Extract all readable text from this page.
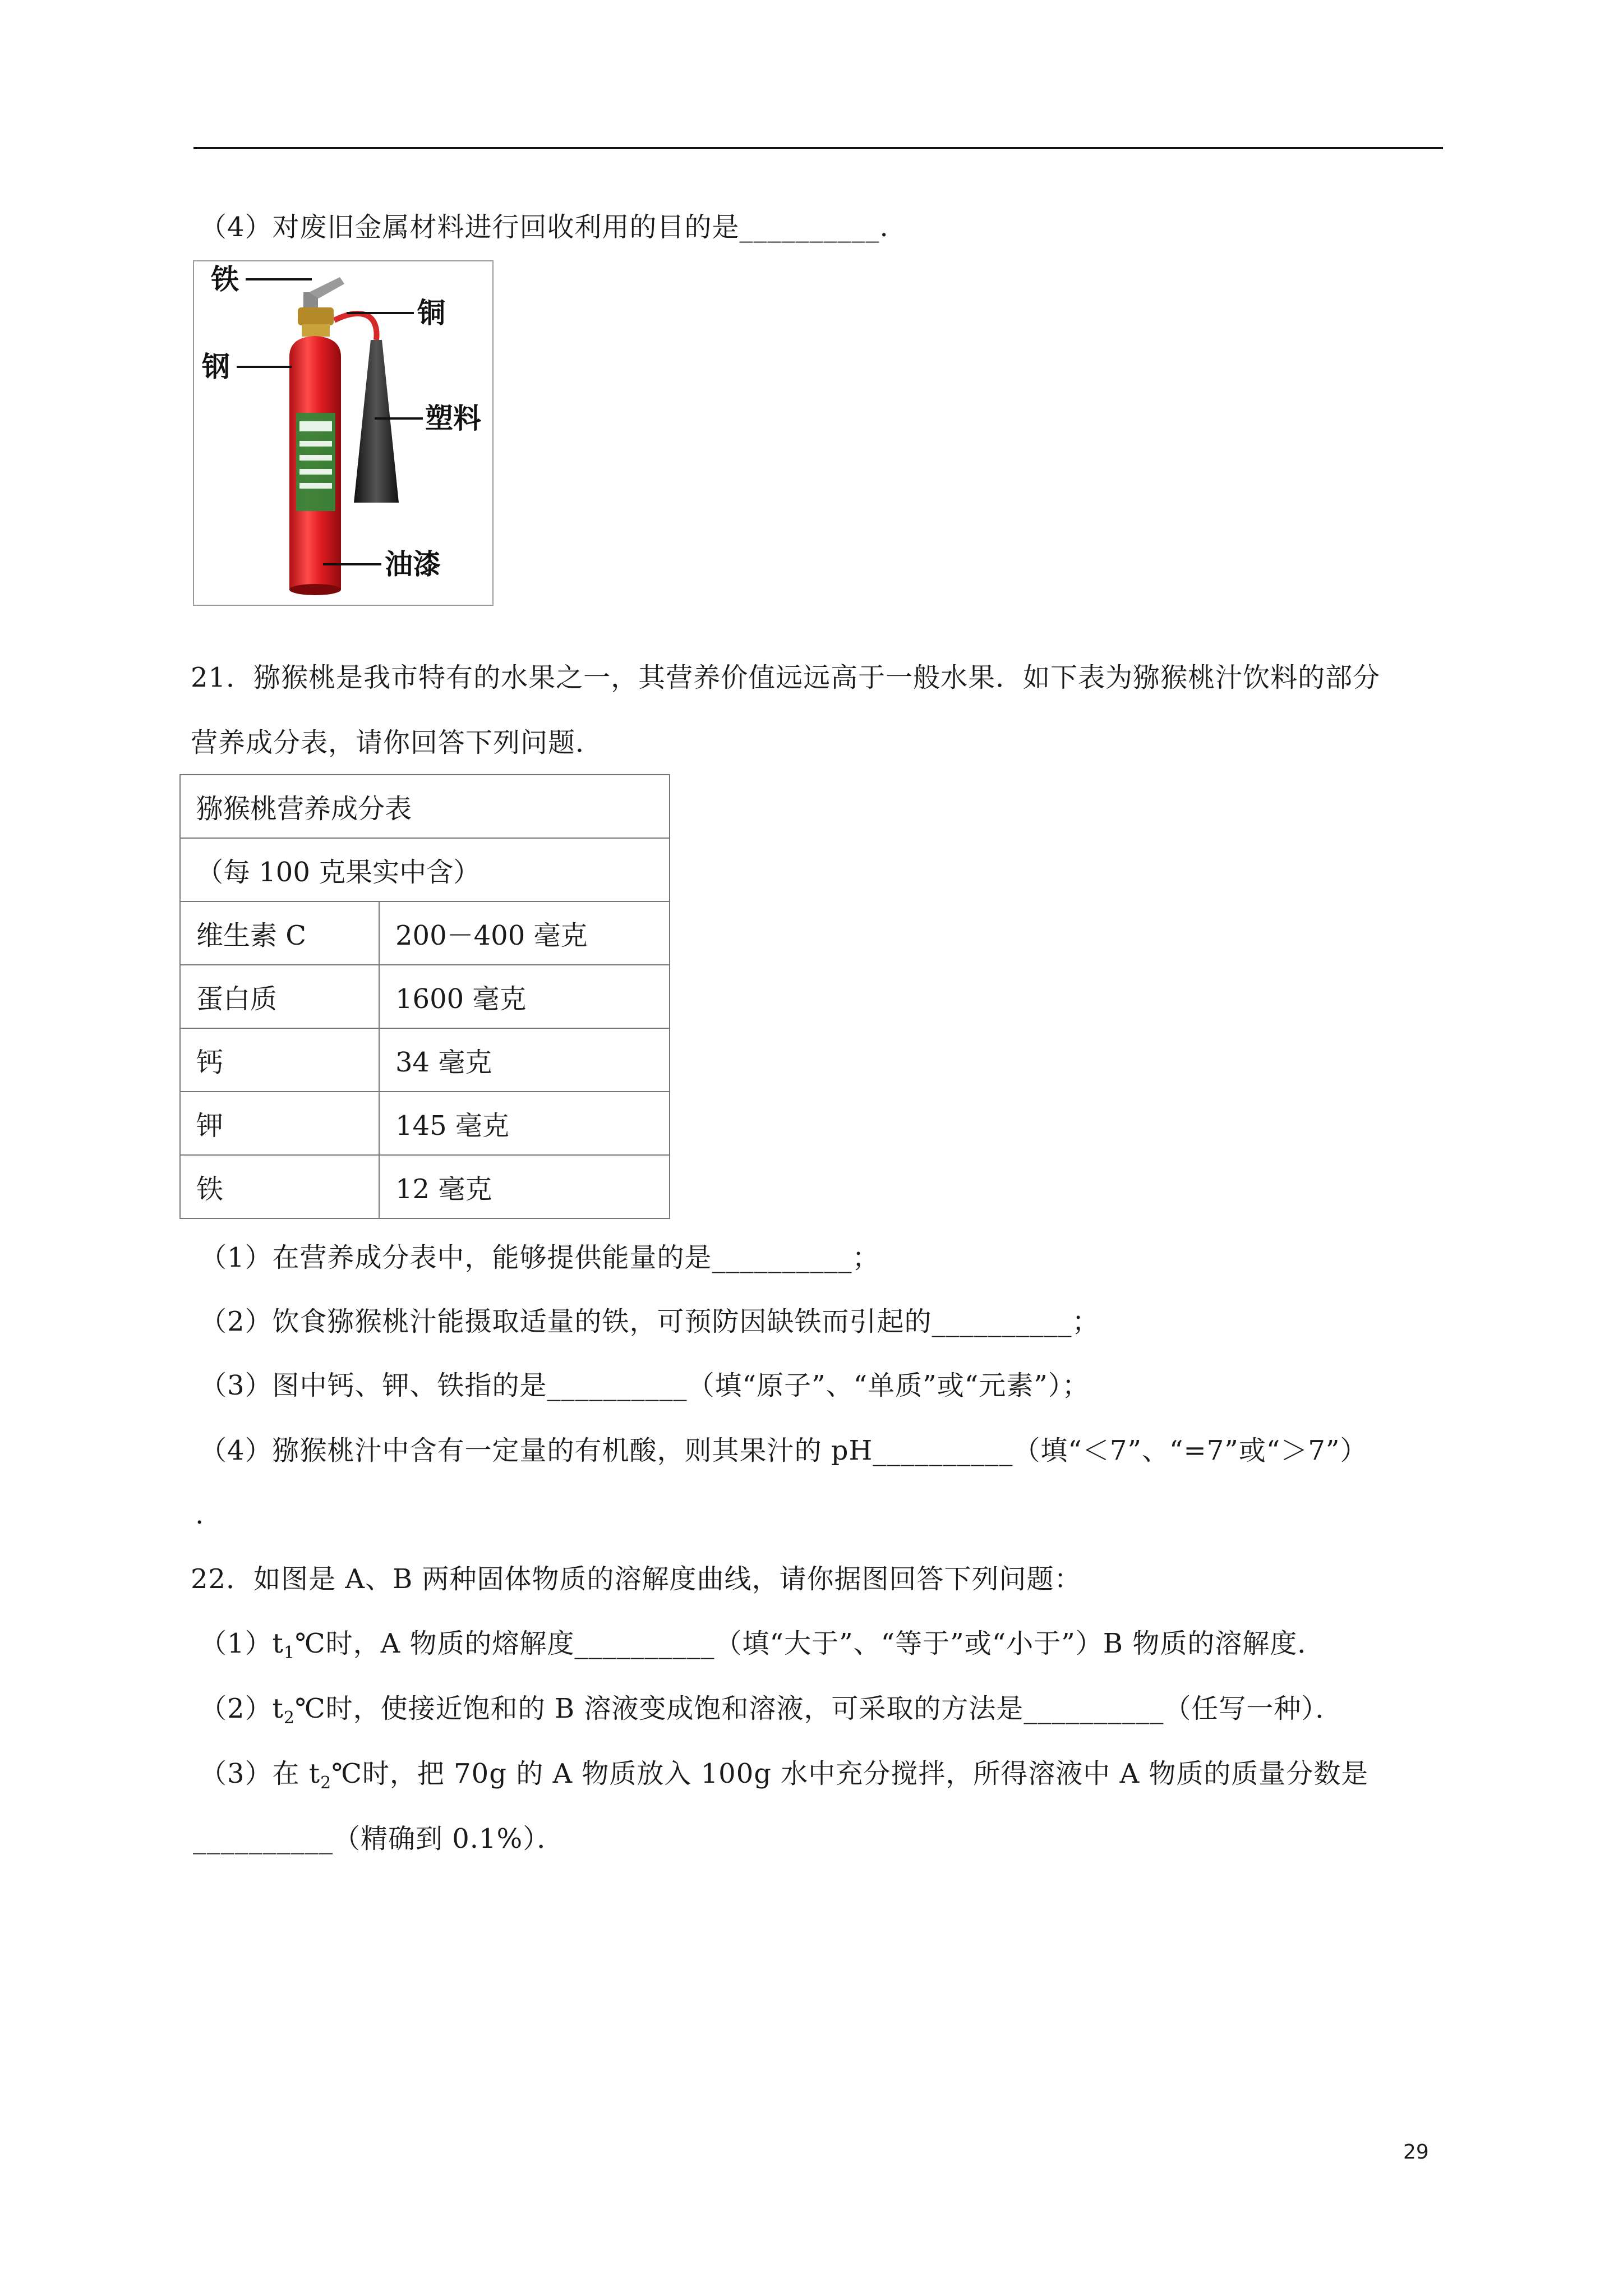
（4）对废旧金属材料进行回收利用的目的是__________.
铁
铜
钢
塑料
油漆
21．猕猴桃是我市特有的水果之一，其营养价值远远高于一般水果．如下表为猕猴桃汁饮料的部分
营养成分表，请你回答下列问题．
猕猴桃营养成分表	
（每 100 克果实中含）	
维生素 C	200－400 毫克
蛋白质	1600 毫克
钙	34 毫克
钾	145 毫克
铁	12 毫克
（1）在营养成分表中，能够提供能量的是__________；
（2）饮食猕猴桃汁能摄取适量的铁，可预防因缺铁而引起的__________；
（3）图中钙、钾、铁指的是__________（填“原子”、“单质”或“元素”）；
（4）猕猴桃汁中含有一定量的有机酸，则其果汁的 pH__________（填“＜7”、“=7”或“＞7”）
.
22．如图是 A、B 两种固体物质的溶解度曲线，请你据图回答下列问题：
$(1)t_1℃$时，A 物质的熔解度__________（填“大于”、“等于”或“小于”）B 物质的溶解度．
$(2)t_2℃$时，使接近饱和的 B 溶液变成饱和溶液，可采取的方法是__________（任写一种）．
（3）在 $t_2℃$时，把 70g 的 A 物质放入 100g 水中充分搅拌，所得溶液中 A 物质的质量分数是
__________（精确到 0.1%）．
29
